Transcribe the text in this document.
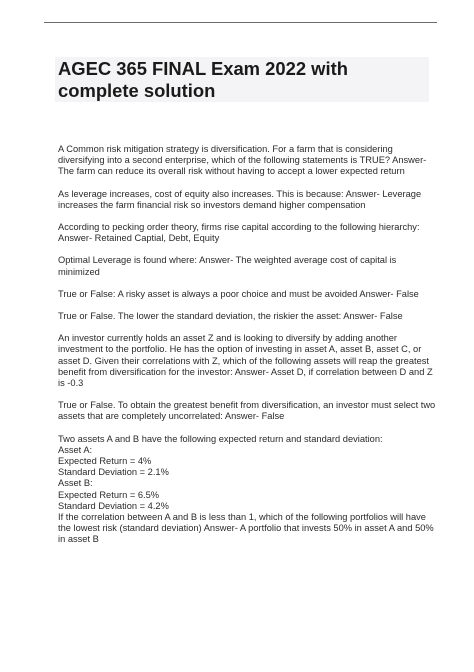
AGEC 365 FINAL Exam 2022 with complete solution

A Common risk mitigation strategy is diversification. For a farm that is considering diversifying into a second enterprise, which of the following statements is TRUE? Answer- The farm can reduce its overall risk without having to accept a lower expected return

As leverage increases, cost of equity also increases. This is because: Answer- Leverage increases the farm financial risk so investors demand higher compensation

According to pecking order theory, firms rise capital according to the following hierarchy: Answer- Retained Captial, Debt, Equity

Optimal Leverage is found where: Answer- The weighted average cost of capital is minimized

True or False: A risky asset is always a poor choice and must be avoided Answer- False

True or False. The lower the standard deviation, the riskier the asset: Answer- False

An investor currently holds an asset Z and is looking to diversify by adding another investment to the portfolio. He has the option of investing in asset A, asset B, asset C, or asset D. Given their correlations with Z, which of the following assets will reap the greatest benefit from diversification for the investor: Answer- Asset D, if correlation between D and Z is -0.3

True or False. To obtain the greatest benefit from diversification, an investor must select two assets that are completely uncorrelated: Answer- False

Two assets A and B have the following expected return and standard deviation:
Asset A:
Expected Return = 4%
Standard Deviation = 2.1%
Asset B:
Expected Return = 6.5%
Standard Deviation = 4.2%
If the correlation between A and B is less than 1, which of the following portfolios will have the lowest risk (standard deviation) Answer- A portfolio that invests 50% in asset A and 50% in asset B
